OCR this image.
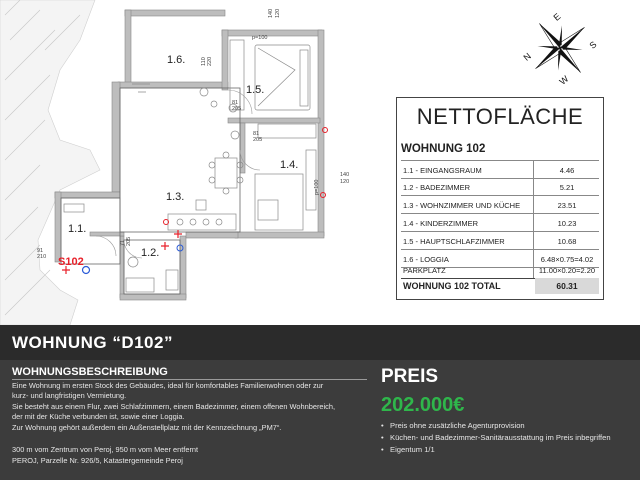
1.1.
1.2.
1.3.
1.4.
1.5.
1.6.
S102
140 120
p=100
110 220
81
205
81
205
140
120
p=100
71 205
91
210
N
E
S
W
NETTOFLÄCHE
WOHNUNG 102
1.1 - EINGANGSRAUM	4.46
1.2 - BADEZIMMER	5.21
1.3 - WOHNZIMMER UND KÜCHE	23.51
1.4 - KINDERZIMMER	10.23
1.5 - HAUPTSCHLAFZIMMER	10.68
1.6 - LOGGIA	6.48×0.75=4.02
PARKPLATZ	11.00×0.20=2.20
WOHNUNG 102 TOTAL	60.31
WOHNUNG “D102”
WOHNUNGSBESCHREIBUNG
Eine Wohnung im ersten Stock des Gebäudes, ideal für komfortables Familienwohnen oder zur
kurz- und langfristigen Vermietung.
Sie besteht aus einem Flur, zwei Schlafzimmern, einem Badezimmer, einem offenen Wohnbereich,
der mit der Küche verbunden ist, sowie einer Loggia.
Zur Wohnung gehört außerdem ein Außenstellplatz mit der Kennzeichnung „PM7“.
300 m vom Zentrum von Peroj, 950 m vom Meer entfernt
PEROJ, Parzelle Nr. 926/5, Katastergemeinde Peroj
PREIS
202.000€
• Preis ohne zusätzliche Agenturprovision
• Küchen- und Badezimmer-Sanitärausstattung im Preis inbegriffen
• Eigentum 1/1
